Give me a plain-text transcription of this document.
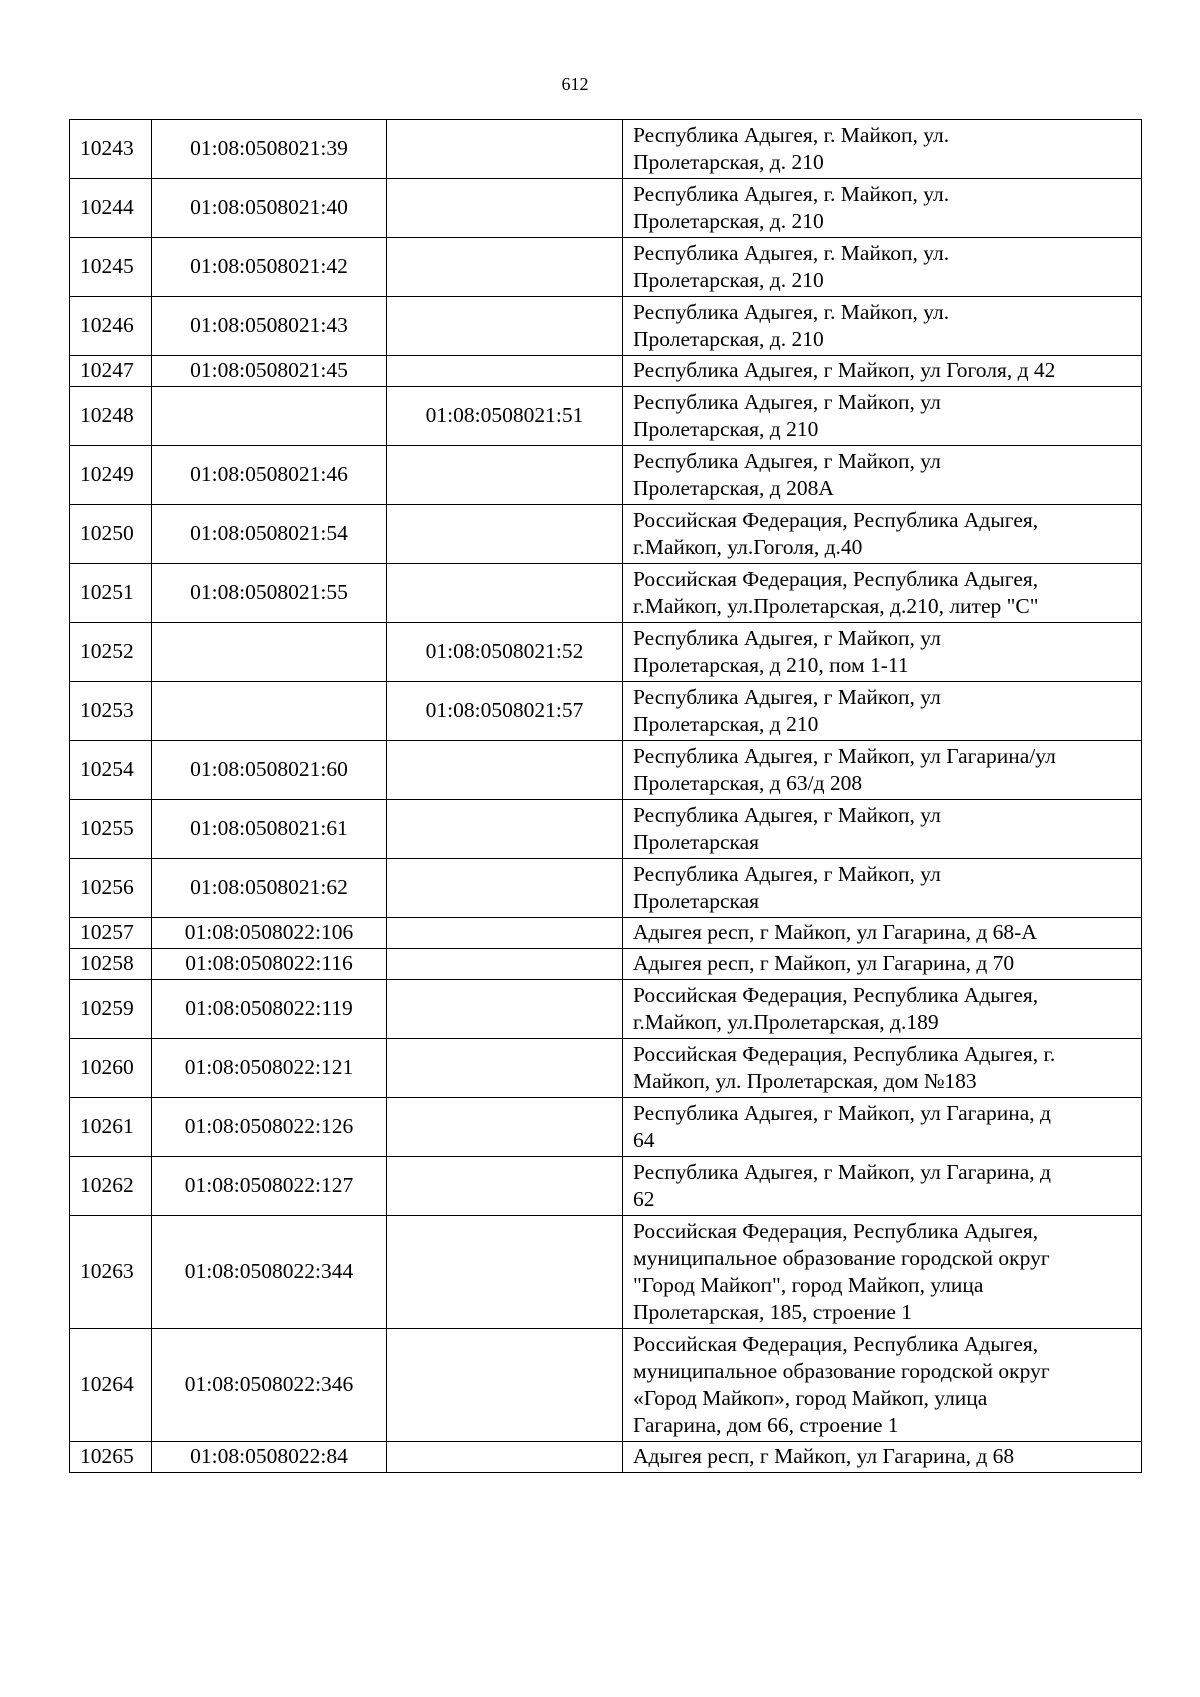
612
10243	01:08:0508021:39		Республика Адыгея, г. Майкоп, ул.
Пролетарская, д. 210

10244	01:08:0508021:40		Республика Адыгея, г. Майкоп, ул.
Пролетарская, д. 210

10245	01:08:0508021:42		Республика Адыгея, г. Майкоп, ул.
Пролетарская, д. 210

10246	01:08:0508021:43		Республика Адыгея, г. Майкоп, ул.
Пролетарская, д. 210

10247	01:08:0508021:45		Республика Адыгея, г Майкоп, ул Гоголя, д 42

10248		01:08:0508021:51	Республика Адыгея, г Майкоп, ул
Пролетарская, д 210

10249	01:08:0508021:46		Республика Адыгея, г Майкоп, ул
Пролетарская, д 208А

10250	01:08:0508021:54		Российская Федерация, Республика Адыгея,
г.Майкоп, ул.Гоголя, д.40

10251	01:08:0508021:55		Российская Федерация, Республика Адыгея,
г.Майкоп, ул.Пролетарская, д.210, литер "С"

10252		01:08:0508021:52	Республика Адыгея, г Майкоп, ул
Пролетарская, д 210, пом 1-11

10253		01:08:0508021:57	Республика Адыгея, г Майкоп, ул
Пролетарская, д 210

10254	01:08:0508021:60		Республика Адыгея, г Майкоп, ул Гагарина/ул
Пролетарская, д 63/д 208

10255	01:08:0508021:61		Республика Адыгея, г Майкоп, ул
Пролетарская

10256	01:08:0508021:62		Республика Адыгея, г Майкоп, ул
Пролетарская

10257	01:08:0508022:106		Адыгея респ, г Майкоп, ул Гагарина, д 68-А

10258	01:08:0508022:116		Адыгея респ, г Майкоп, ул Гагарина, д 70

10259	01:08:0508022:119		Российская Федерация, Республика Адыгея,
г.Майкоп, ул.Пролетарская, д.189

10260	01:08:0508022:121		Российская Федерация, Республика Адыгея, г.
Майкоп, ул. Пролетарская, дом №183

10261	01:08:0508022:126		Республика Адыгея, г Майкоп, ул Гагарина, д
64

10262	01:08:0508022:127		Республика Адыгея, г Майкоп, ул Гагарина, д
62

10263	01:08:0508022:344		Российская Федерация, Республика Адыгея,
муниципальное образование городской округ
"Город Майкоп", город Майкоп, улица
Пролетарская, 185, строение 1

10264	01:08:0508022:346		Российская Федерация, Республика Адыгея,
муниципальное образование городской округ
«Город Майкоп», город Майкоп, улица
Гагарина, дом 66, строение 1

10265	01:08:0508022:84		Адыгея респ, г Майкоп, ул Гагарина, д 68
